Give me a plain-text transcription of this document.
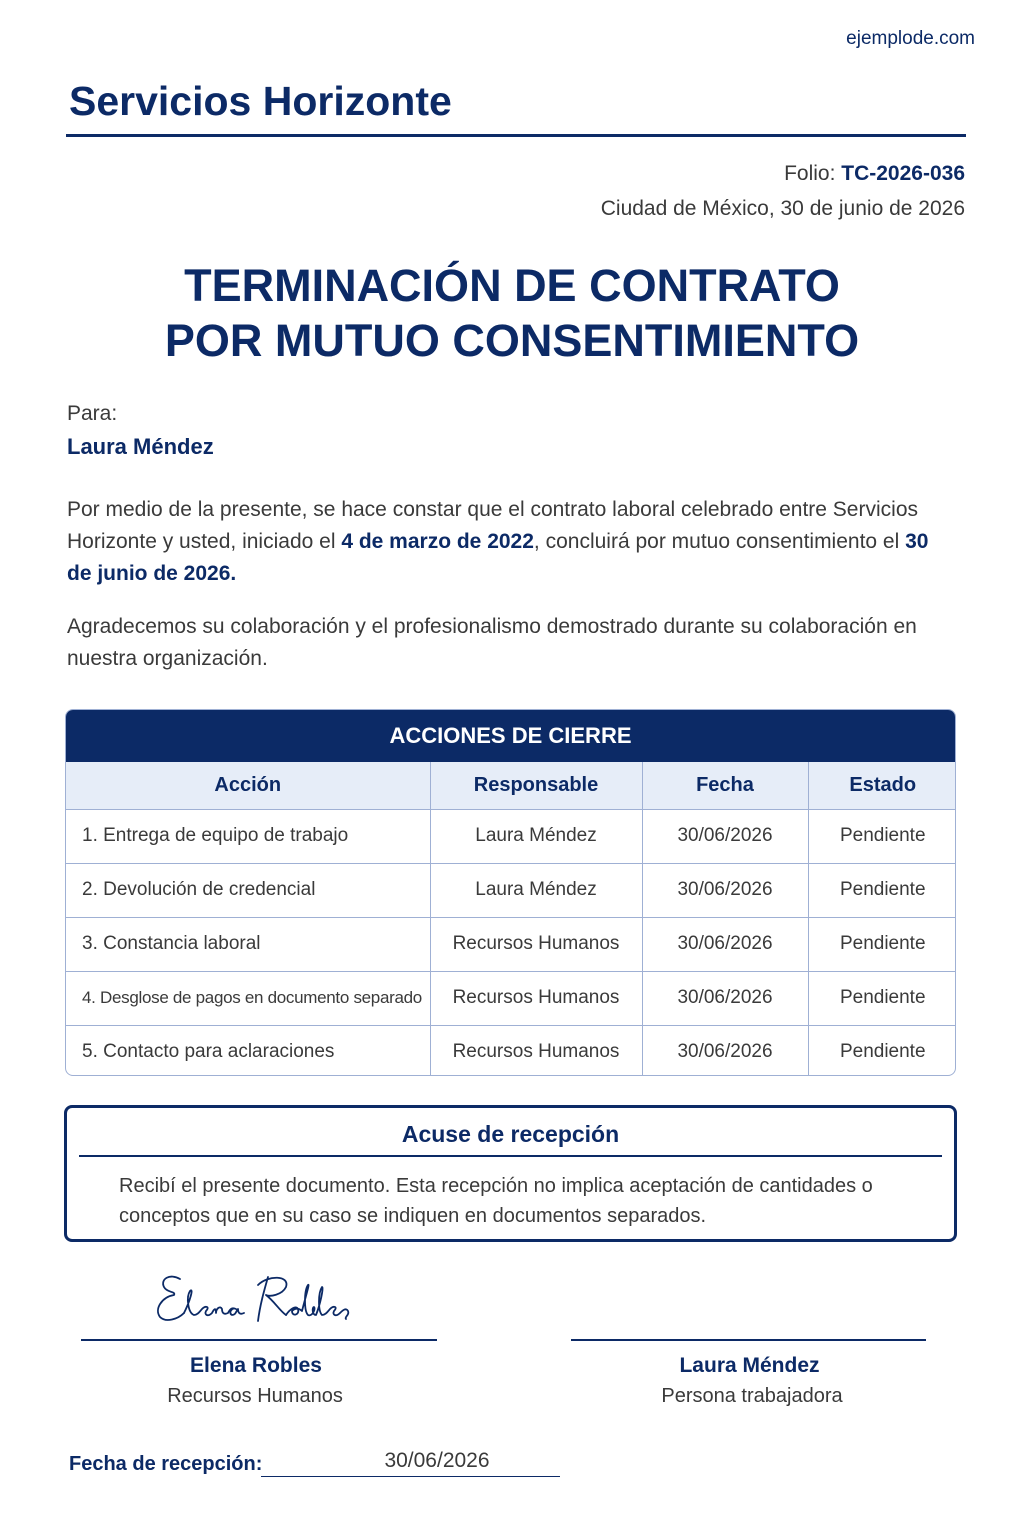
ejemplode.com
Servicios Horizonte
Folio: TC-2026-036
Ciudad de México, 30 de junio de 2026
TERMINACIÓN DE CONTRATO
POR MUTUO CONSENTIMIENTO
Para:
Laura Méndez

Por medio de la presente, se hace constar que el contrato laboral celebrado entre Servicios Horizonte y usted, iniciado el 4 de marzo de 2022, concluirá por mutuo consentimiento el 30 de junio de 2026.

Agradecemos su colaboración y el profesionalismo demostrado durante su colaboración en nuestra organización.

ACCIONES DE CIERRE
Acción	Responsable	Fecha	Estado
1. Entrega de equipo de trabajo	Laura Méndez	30/06/2026	Pendiente
2. Devolución de credencial	Laura Méndez	30/06/2026	Pendiente
3. Constancia laboral	Recursos Humanos	30/06/2026	Pendiente
4. Desglose de pagos en documento separado	Recursos Humanos	30/06/2026	Pendiente
5. Contacto para aclaraciones	Recursos Humanos	30/06/2026	Pendiente
Acuse de recepción
Recibí el presente documento. Esta recepción no implica aceptación de cantidades o conceptos que en su caso se indiquen en documentos separados.
Elena Robles
Recursos Humanos
Laura Méndez
Persona trabajadora
Fecha de recepción:	30/06/2026
